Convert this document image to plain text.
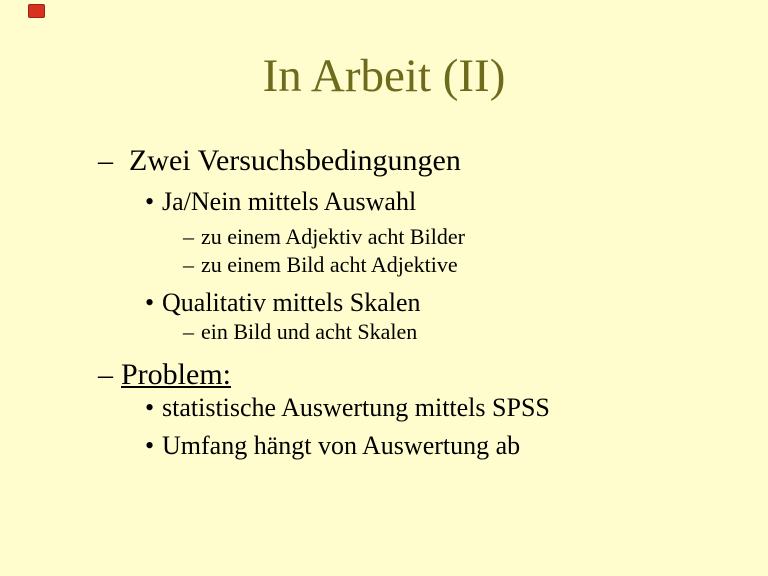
In Arbeit (II)
– Zwei Versuchsbedingungen
• Ja/Nein mittels Auswahl
– zu einem Adjektiv acht Bilder
– zu einem Bild acht Adjektive
• Qualitativ mittels Skalen
– ein Bild und acht Skalen
– Problem:
• statistische Auswertung mittels SPSS
• Umfang hängt von Auswertung ab
